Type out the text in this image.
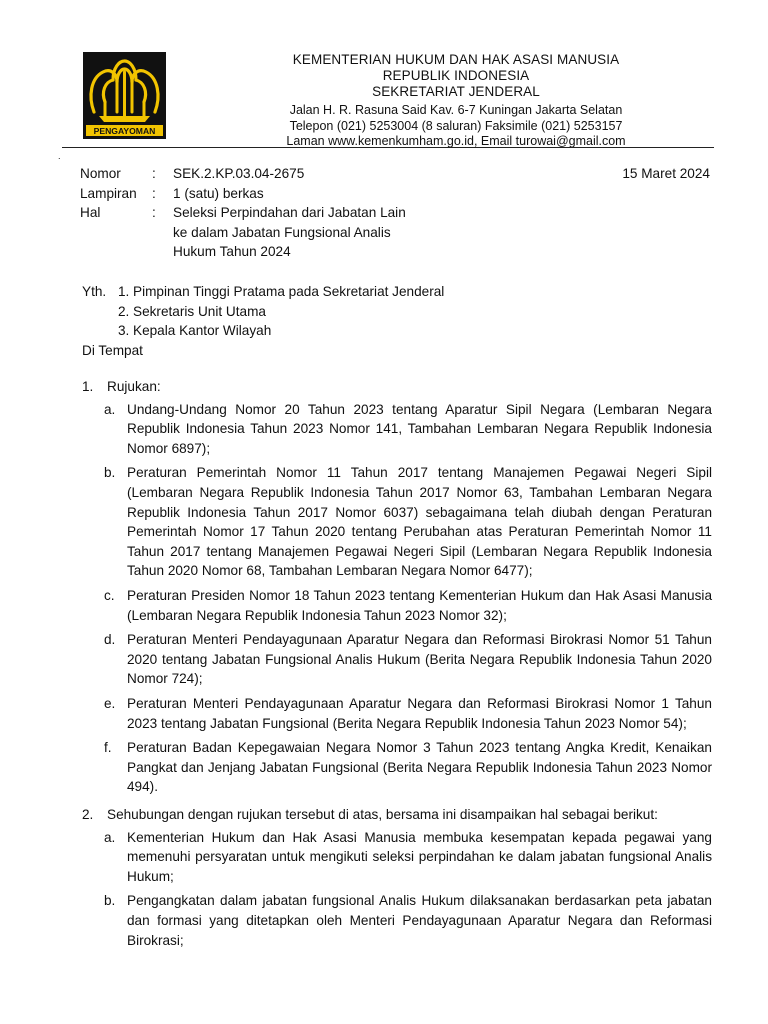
PENGAYOMAN
KEMENTERIAN HUKUM DAN HAK ASASI MANUSIA
REPUBLIK INDONESIA
SEKRETARIAT JENDERAL
Jalan H. R. Rasuna Said Kav. 6-7 Kuningan Jakarta Selatan
Telepon (021) 5253004 (8 saluran) Faksimile (021) 5253157
Laman www.kemenkumham.go.id, Email turowai@gmail.com
.
Nomor : SEK.2.KP.03.04-2675	15 Maret 2024
Lampiran : 1 (satu) berkas
Hal	: Seleksi Perpindahan dari Jabatan Lain
ke dalam Jabatan Fungsional Analis
Hukum Tahun 2024
Yth. 1. Pimpinan Tinggi Pratama pada Sekretariat Jenderal
2. Sekretaris Unit Utama
3. Kepala Kantor Wilayah
Di Tempat
1. Rujukan:
a. Undang-Undang Nomor 20 Tahun 2023 tentang Aparatur Sipil Negara (Lembaran Negara Republik Indonesia Tahun 2023 Nomor 141, Tambahan Lembaran Negara Republik Indonesia Nomor 6897);
b. Peraturan Pemerintah Nomor 11 Tahun 2017 tentang Manajemen Pegawai Negeri Sipil (Lembaran Negara Republik Indonesia Tahun 2017 Nomor 63, Tambahan Lembaran Negara Republik Indonesia Tahun 2017 Nomor 6037) sebagaimana telah diubah dengan Peraturan Pemerintah Nomor 17 Tahun 2020 tentang Perubahan atas Peraturan Pemerintah Nomor 11 Tahun 2017 tentang Manajemen Pegawai Negeri Sipil (Lembaran Negara Republik Indonesia Tahun 2020 Nomor 68, Tambahan Lembaran Negara Nomor 6477);
c. Peraturan Presiden Nomor 18 Tahun 2023 tentang Kementerian Hukum dan Hak Asasi Manusia (Lembaran Negara Republik Indonesia Tahun 2023 Nomor 32);
d. Peraturan Menteri Pendayagunaan Aparatur Negara dan Reformasi Birokrasi Nomor 51 Tahun 2020 tentang Jabatan Fungsional Analis Hukum (Berita Negara Republik Indonesia Tahun 2020 Nomor 724);
e. Peraturan Menteri Pendayagunaan Aparatur Negara dan Reformasi Birokrasi Nomor 1 Tahun 2023 tentang Jabatan Fungsional (Berita Negara Republik Indonesia Tahun 2023 Nomor 54);
f. Peraturan Badan Kepegawaian Negara Nomor 3 Tahun 2023 tentang Angka Kredit, Kenaikan Pangkat dan Jenjang Jabatan Fungsional (Berita Negara Republik Indonesia Tahun 2023 Nomor 494).
2. Sehubungan dengan rujukan tersebut di atas, bersama ini disampaikan hal sebagai berikut:
a. Kementerian Hukum dan Hak Asasi Manusia membuka kesempatan kepada pegawai yang memenuhi persyaratan untuk mengikuti seleksi perpindahan ke dalam jabatan fungsional Analis Hukum;
b. Pengangkatan dalam jabatan fungsional Analis Hukum dilaksanakan berdasarkan peta jabatan dan formasi yang ditetapkan oleh Menteri Pendayagunaan Aparatur Negara dan Reformasi Birokrasi;
